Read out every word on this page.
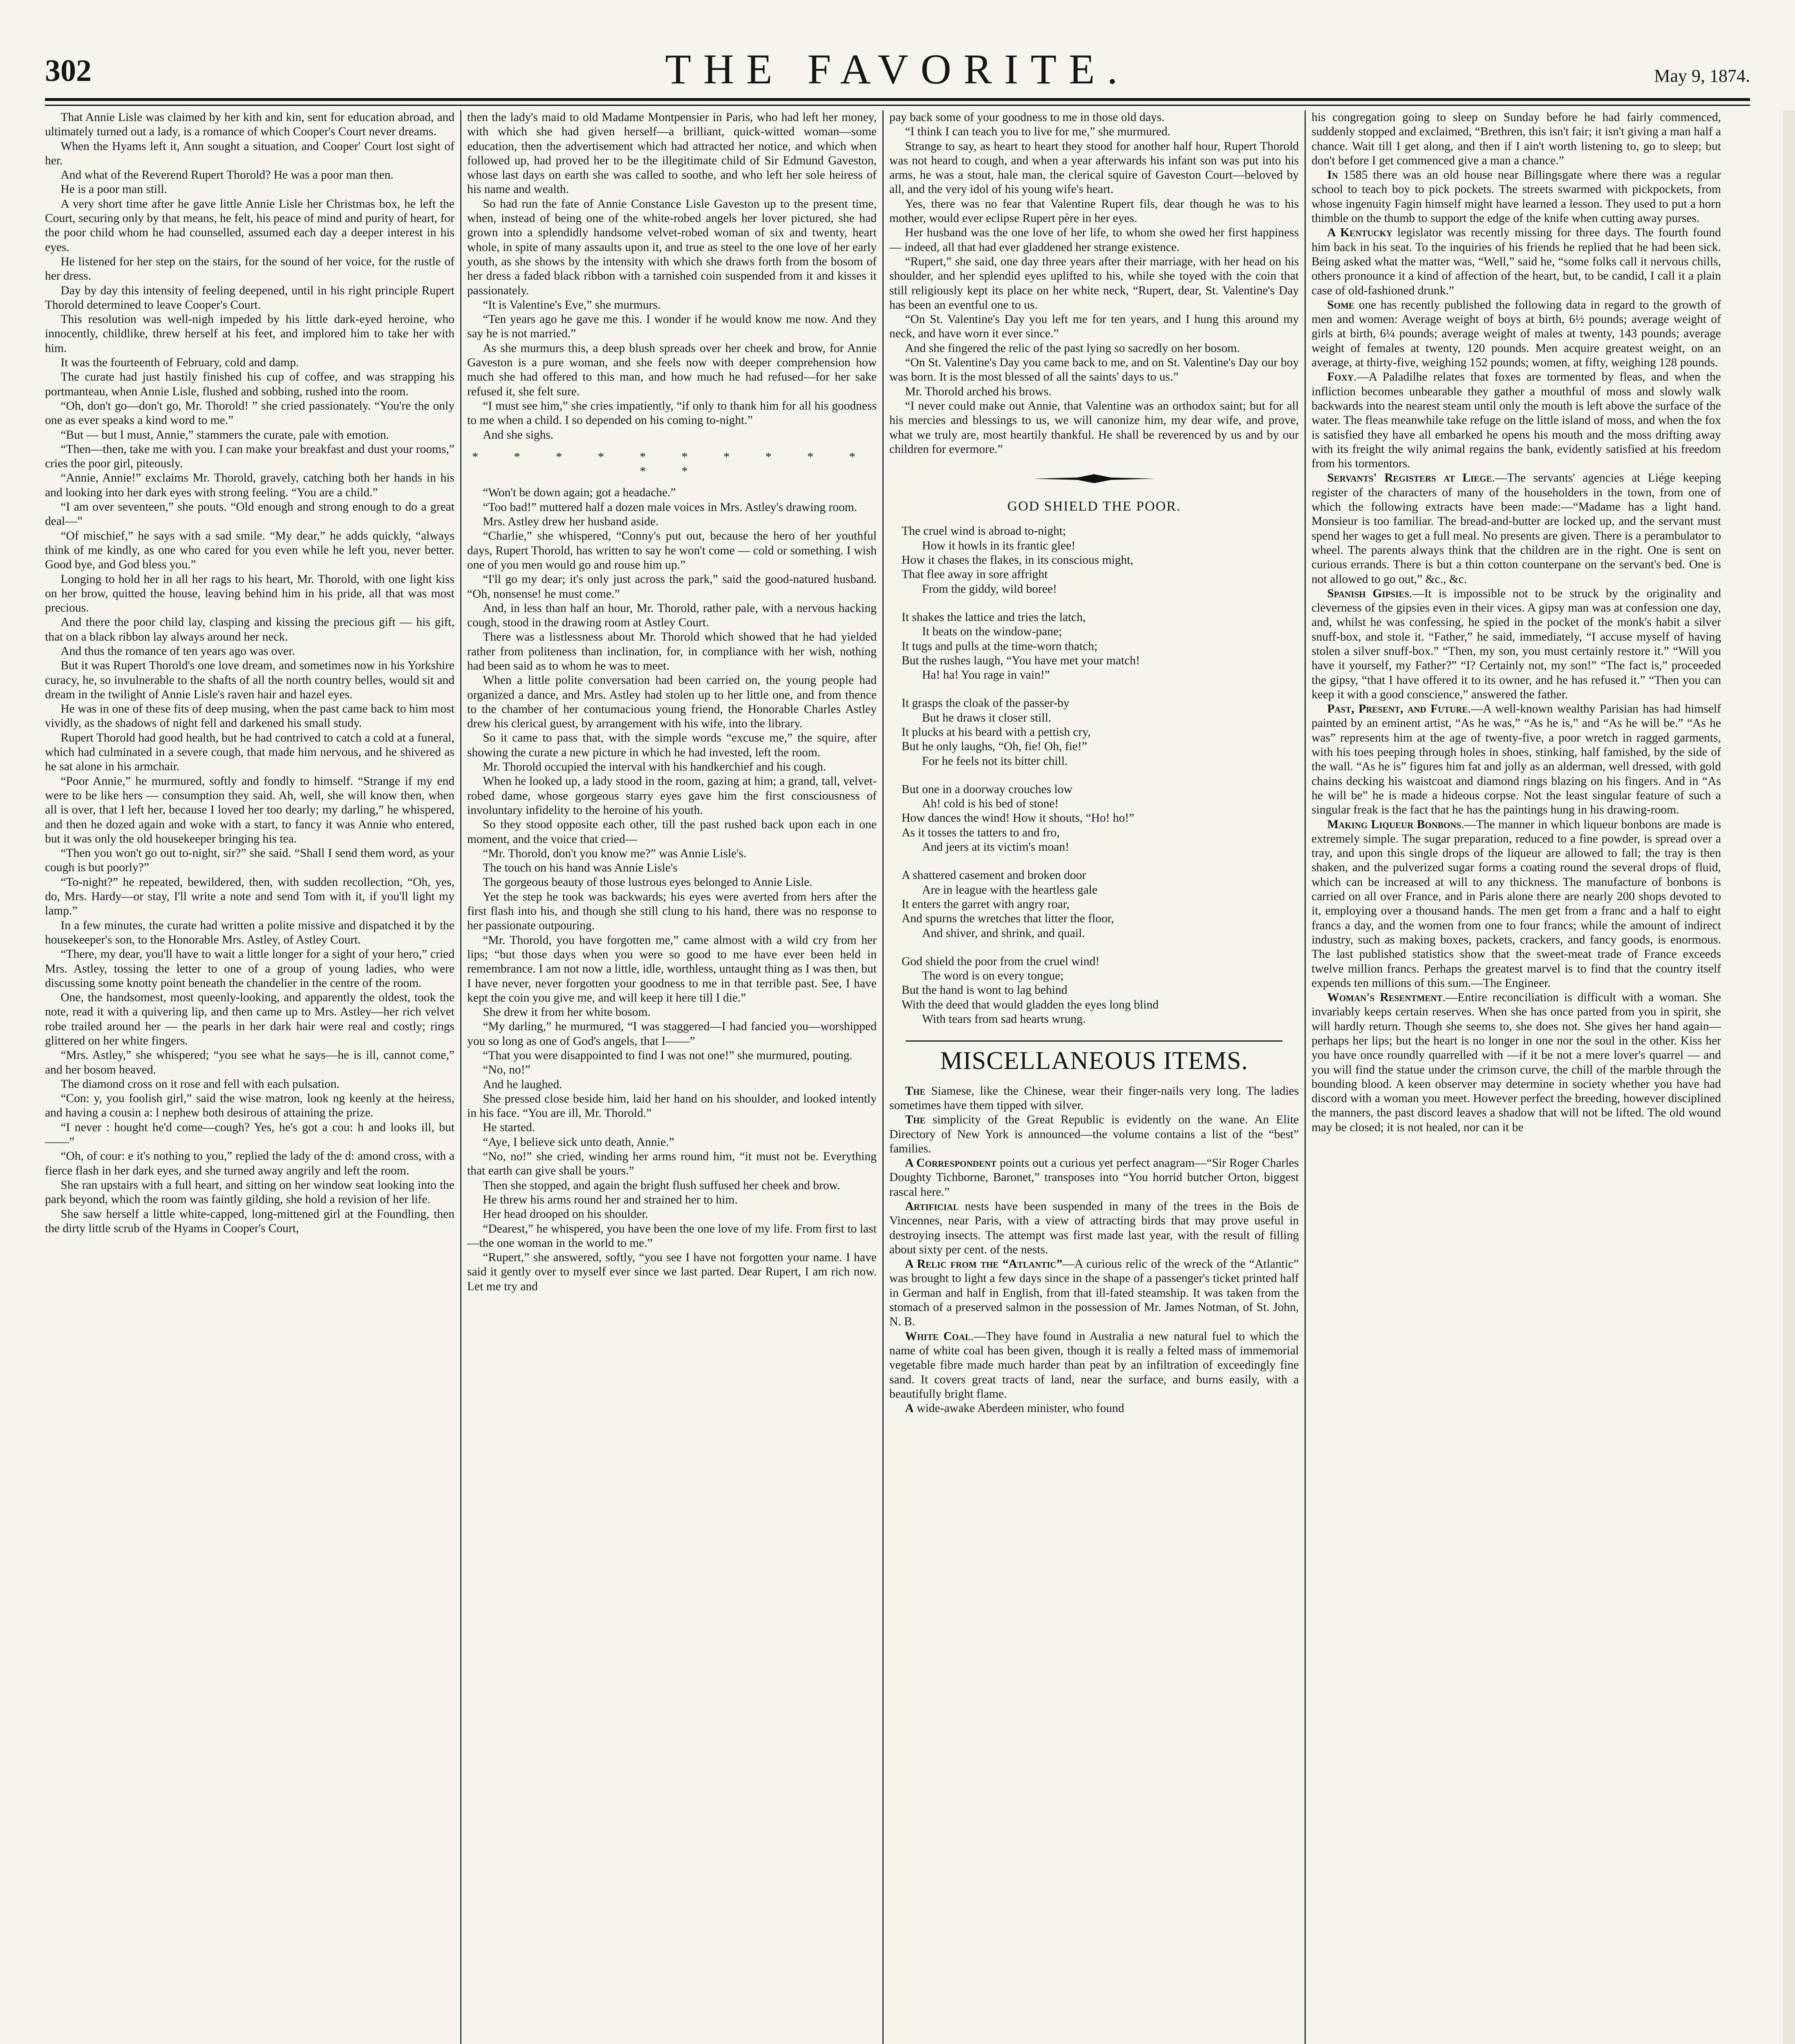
302	THE FAVORITE.	May 9, 1874.

That Annie Lisle was claimed by her kith and kin, sent for education abroad, and ultimately turned out a lady, is a romance of which Cooper's Court never dreams.

When the Hyams left it, Ann sought a situation, and Cooper' Court lost sight of her.

And what of the Reverend Rupert Thorold? He was a poor man then.

He is a poor man still.

A very short time after he gave little Annie Lisle her Christmas box, he left the Court, securing only by that means, he felt, his peace of mind and purity of heart, for the poor child whom he had counselled, assumed each day a deeper interest in his eyes.

He listened for her step on the stairs, for the sound of her voice, for the rustle of her dress.

Day by day this intensity of feeling deepened, until in his right principle Rupert Thorold determined to leave Cooper's Court.

This resolution was well-nigh impeded by his little dark-eyed heroine, who innocently, childlike, threw herself at his feet, and implored him to take her with him.

It was the fourteenth of February, cold and damp.

The curate had just hastily finished his cup of coffee, and was strapping his portmanteau, when Annie Lisle, flushed and sobbing, rushed into the room.

“Oh, don't go—don't go, Mr. Thorold! ” she cried passionately. “You're the only one as ever speaks a kind word to me.”

“But — but I must, Annie,” stammers the curate, pale with emotion.

“Then—then, take me with you. I can make your breakfast and dust your rooms,” cries the poor girl, piteously.

“Annie, Annie!” exclaims Mr. Thorold, gravely, catching both her hands in his and looking into her dark eyes with strong feeling. “You are a child.”

“I am over seventeen,” she pouts. “Old enough and strong enough to do a great deal—”

“Of mischief,” he says with a sad smile. “My dear,” he adds quickly, “always think of me kindly, as one who cared for you even while he left you, never better. Good bye, and God bless you.”

Longing to hold her in all her rags to his heart, Mr. Thorold, with one light kiss on her brow, quitted the house, leaving behind him in his pride, all that was most precious.

And there the poor child lay, clasping and kissing the precious gift — his gift, that on a black ribbon lay always around her neck.

And thus the romance of ten years ago was over.

But it was Rupert Thorold's one love dream, and sometimes now in his Yorkshire curacy, he, so invulnerable to the shafts of all the north country belles, would sit and dream in the twilight of Annie Lisle's raven hair and hazel eyes.

He was in one of these fits of deep musing, when the past came back to him most vividly, as the shadows of night fell and darkened his small study.

Rupert Thorold had good health, but he had contrived to catch a cold at a funeral, which had culminated in a severe cough, that made him nervous, and he shivered as he sat alone in his armchair.

“Poor Annie,” he murmured, softly and fondly to himself. “Strange if my end were to be like hers — consumption they said. Ah, well, she will know then, when all is over, that I left her, because I loved her too dearly; my darling,” he whispered, and then he dozed again and woke with a start, to fancy it was Annie who entered, but it was only the old housekeeper bringing his tea.

“Then you won't go out to-night, sir?” she said. “Shall I send them word, as your cough is but poorly?”

“To-night?” he repeated, bewildered, then, with sudden recollection, “Oh, yes, do, Mrs. Hardy—or stay, I'll write a note and send Tom with it, if you'll light my lamp.”

In a few minutes, the curate had written a polite missive and dispatched it by the housekeeper's son, to the Honorable Mrs. Astley, of Astley Court.

“There, my dear, you'll have to wait a little longer for a sight of your hero,” cried Mrs. Astley, tossing the letter to one of a group of young ladies, who were discussing some knotty point beneath the chandelier in the centre of the room.

One, the handsomest, most queenly-looking, and apparently the oldest, took the note, read it with a quivering lip, and then came up to Mrs. Astley—her rich velvet robe trailed around her — the pearls in her dark hair were real and costly; rings glittered on her white fingers.

“Mrs. Astley,” she whispered; “you see what he says—he is ill, cannot come,” and her bosom heaved.

The diamond cross on it rose and fell with each pulsation.

“Con: y, you foolish girl,” said the wise matron, look ng keenly at the heiress, and having a cousin a: l nephew both desirous of attaining the prize.

“I never : hought he'd come—cough? Yes, he's got a cou: h and looks ill, but——”

“Oh, of cour: e it's nothing to you,” replied the lady of the d: amond cross, with a fierce flash in her dark eyes, and she turned away angrily and left the room.

She ran upstairs with a full heart, and sitting on her window seat looking into the park beyond, which the room was faintly gilding, she hold a revision of her life.

She saw herself a little white-capped, long-mittened girl at the Foundling, then the dirty little scrub of the Hyams in Cooper's Court,

then the lady's maid to old Madame Montpensier in Paris, who had left her money, with which she had given herself—a brilliant, quick-witted woman—some education, then the advertisement which had attracted her notice, and which when followed up, had proved her to be the illegitimate child of Sir Edmund Gaveston, whose last days on earth she was called to soothe, and who left her sole heiress of his name and wealth.

So had run the fate of Annie Constance Lisle Gaveston up to the present time, when, instead of being one of the white-robed angels her lover pictured, she had grown into a splendidly handsome velvet-robed woman of six and twenty, heart whole, in spite of many assaults upon it, and true as steel to the one love of her early youth, as she shows by the intensity with which she draws forth from the bosom of her dress a faded black ribbon with a tarnished coin suspended from it and kisses it passionately.

“It is Valentine's Eve,” she murmurs.

“Ten years ago he gave me this. I wonder if he would know me now. And they say he is not married.”

As she murmurs this, a deep blush spreads over her cheek and brow, for Annie Gaveston is a pure woman, and she feels now with deeper comprehension how much she had offered to this man, and how much he had refused—for her sake refused it, she felt sure.

“I must see him,” she cries impatiently, “if only to thank him for all his goodness to me when a child. I so depended on his coming to-night.”

And she sighs.

* * * * * * * * * * * *

“Won't be down again; got a headache.”

“Too bad!” muttered half a dozen male voices in Mrs. Astley's drawing room.

Mrs. Astley drew her husband aside.

“Charlie,” she whispered, “Conny's put out, because the hero of her youthful days, Rupert Thorold, has written to say he won't come — cold or something. I wish one of you men would go and rouse him up.”

“I'll go my dear; it's only just across the park,” said the good-natured husband. “Oh, nonsense! he must come.”

And, in less than half an hour, Mr. Thorold, rather pale, with a nervous hacking cough, stood in the drawing room at Astley Court.

There was a listlessness about Mr. Thorold which showed that he had yielded rather from politeness than inclination, for, in compliance with her wish, nothing had been said as to whom he was to meet.

When a little polite conversation had been carried on, the young people had organized a dance, and Mrs. Astley had stolen up to her little one, and from thence to the chamber of her contumacious young friend, the Honorable Charles Astley drew his clerical guest, by arrangement with his wife, into the library.

So it came to pass that, with the simple words “excuse me,” the squire, after showing the curate a new picture in which he had invested, left the room.

Mr. Thorold occupied the interval with his handkerchief and his cough.

When he looked up, a lady stood in the room, gazing at him; a grand, tall, velvet-robed dame, whose gorgeous starry eyes gave him the first consciousness of involuntary infidelity to the heroine of his youth.

So they stood opposite each other, till the past rushed back upon each in one moment, and the voice that cried—

“Mr. Thorold, don't you know me?” was Annie Lisle's.

The touch on his hand was Annie Lisle's

The gorgeous beauty of those lustrous eyes belonged to Annie Lisle.

Yet the step he took was backwards; his eyes were averted from hers after the first flash into his, and though she still clung to his hand, there was no response to her passionate outpouring.

“Mr. Thorold, you have forgotten me,” came almost with a wild cry from her lips; “but those days when you were so good to me have ever been held in remembrance. I am not now a little, idle, worthless, untaught thing as I was then, but I have never, never forgotten your goodness to me in that terrible past. See, I have kept the coin you give me, and will keep it here till I die.”

She drew it from her white bosom.

“My darling,” he murmured, “I was staggered—I had fancied you—worshipped you so long as one of God's angels, that I——”

“That you were disappointed to find I was not one!” she murmured, pouting.

“No, no!”

And he laughed.

She pressed close beside him, laid her hand on his shoulder, and looked intently in his face. “You are ill, Mr. Thorold.”

He started.

“Aye, I believe sick unto death, Annie.”

“No, no!” she cried, winding her arms round him, “it must not be. Everything that earth can give shall be yours.”

Then she stopped, and again the bright flush suffused her cheek and brow.

He threw his arms round her and strained her to him.

Her head drooped on his shoulder.

“Dearest,” he whispered, you have been the one love of my life. From first to last—the one woman in the world to me.”

“Rupert,” she answered, softly, “you see I have not forgotten your name. I have said it gently over to myself ever since we last parted. Dear Rupert, I am rich now. Let me try and

pay back some of your goodness to me in those old days.

“I think I can teach you to live for me,” she murmured.

Strange to say, as heart to heart they stood for another half hour, Rupert Thorold was not heard to cough, and when a year afterwards his infant son was put into his arms, he was a stout, hale man, the clerical squire of Gaveston Court—beloved by all, and the very idol of his young wife's heart.

Yes, there was no fear that Valentine Rupert fils, dear though he was to his mother, would ever eclipse Rupert père in her eyes.

Her husband was the one love of her life, to whom she owed her first happiness — indeed, all that had ever gladdened her strange existence.

“Rupert,” she said, one day three years after their marriage, with her head on his shoulder, and her splendid eyes uplifted to his, while she toyed with the coin that still religiously kept its place on her white neck, “Rupert, dear, St. Valentine's Day has been an eventful one to us.

“On St. Valentine's Day you left me for ten years, and I hung this around my neck, and have worn it ever since.”

And she fingered the relic of the past lying so sacredly on her bosom.

“On St. Valentine's Day you came back to me, and on St. Valentine's Day our boy was born. It is the most blessed of all the saints' days to us.”

Mr. Thorold arched his brows.

“I never could make out Annie, that Valentine was an orthodox saint; but for all his mercies and blessings to us, we will canonize him, my dear wife, and prove, what we truly are, most heartily thankful. He shall be reverenced by us and by our children for evermore.”

GOD SHIELD THE POOR.
The cruel wind is abroad to-night;
How it howls in its frantic glee!
How it chases the flakes, in its conscious might,
That flee away in sore affright
From the giddy, wild boree!
It shakes the lattice and tries the latch,
It beats on the window-pane;
It tugs and pulls at the time-worn thatch;
But the rushes laugh, “You have met your match!
Ha! ha! You rage in vain!”
It grasps the cloak of the passer-by
But he draws it closer still.
It plucks at his beard with a pettish cry,
But he only laughs, “Oh, fie! Oh, fie!”
For he feels not its bitter chill.
But one in a doorway crouches low
Ah! cold is his bed of stone!
How dances the wind! How it shouts, “Ho! ho!”
As it tosses the tatters to and fro,
And jeers at its victim's moan!
A shattered casement and broken door
Are in league with the heartless gale
It enters the garret with angry roar,
And spurns the wretches that litter the floor,
And shiver, and shrink, and quail.
God shield the poor from the cruel wind!
The word is on every tongue;
But the hand is wont to lag behind
With the deed that would gladden the eyes long blind
With tears from sad hearts wrung.
MISCELLANEOUS ITEMS.

The Siamese, like the Chinese, wear their finger-nails very long. The ladies sometimes have them tipped with silver.

The simplicity of the Great Republic is evidently on the wane. An Elite Directory of New York is announced—the volume contains a list of the “best” families.

A Correspondent points out a curious yet perfect anagram—“Sir Roger Charles Doughty Tichborne, Baronet,” transposes into “You horrid butcher Orton, biggest rascal here.”

Artificial nests have been suspended in many of the trees in the Bois de Vincennes, near Paris, with a view of attracting birds that may prove useful in destroying insects. The attempt was first made last year, with the result of filling about sixty per cent. of the nests.

A Relic from the “Atlantic”—A curious relic of the wreck of the “Atlantic” was brought to light a few days since in the shape of a passenger's ticket printed half in German and half in English, from that ill-fated steamship. It was taken from the stomach of a preserved salmon in the possession of Mr. James Notman, of St. John, N. B.

White Coal.—They have found in Australia a new natural fuel to which the name of white coal has been given, though it is really a felted mass of immemorial vegetable fibre made much harder than peat by an infiltration of exceedingly fine sand. It covers great tracts of land, near the surface, and burns easily, with a beautifully bright flame.

A wide-awake Aberdeen minister, who found

his congregation going to sleep on Sunday before he had fairly commenced, suddenly stopped and exclaimed, “Brethren, this isn't fair; it isn't giving a man half a chance. Wait till I get along, and then if I ain't worth listening to, go to sleep; but don't before I get commenced give a man a chance.”

In 1585 there was an old house near Billingsgate where there was a regular school to teach boy to pick pockets. The streets swarmed with pickpockets, from whose ingenuity Fagin himself might have learned a lesson. They used to put a horn thimble on the thumb to support the edge of the knife when cutting away purses.

A Kentucky legislator was recently missing for three days. The fourth found him back in his seat. To the inquiries of his friends he replied that he had been sick. Being asked what the matter was, “Well,” said he, “some folks call it nervous chills, others pronounce it a kind of affection of the heart, but, to be candid, I call it a plain case of old-fashioned drunk.”

Some one has recently published the following data in regard to the growth of men and women: Average weight of boys at birth, 6½ pounds; average weight of girls at birth, 6¼ pounds; average weight of males at twenty, 143 pounds; average weight of females at twenty, 120 pounds. Men acquire greatest weight, on an average, at thirty-five, weighing 152 pounds; women, at fifty, weighing 128 pounds.

Foxy.—A Paladilhe relates that foxes are tormented by fleas, and when the infliction becomes unbearable they gather a mouthful of moss and slowly walk backwards into the nearest steam until only the mouth is left above the surface of the water. The fleas meanwhile take refuge on the little island of moss, and when the fox is satisfied they have all embarked he opens his mouth and the moss drifting away with its freight the wily animal regains the bank, evidently satisfied at his freedom from his tormentors.

Servants' Registers at Liege.—The servants' agencies at Liége keeping register of the characters of many of the householders in the town, from one of which the following extracts have been made:—“Madame has a light hand. Monsieur is too familiar. The bread-and-butter are locked up, and the servant must spend her wages to get a full meal. No presents are given. There is a perambulator to wheel. The parents always think that the children are in the right. One is sent on curious errands. There is but a thin cotton counterpane on the servant's bed. One is not allowed to go out,” &c., &c.

Spanish Gipsies.—It is impossible not to be struck by the originality and cleverness of the gipsies even in their vices. A gipsy man was at confession one day, and, whilst he was confessing, he spied in the pocket of the monk's habit a silver snuff-box, and stole it. “Father,” he said, immediately, “I accuse myself of having stolen a silver snuff-box.” “Then, my son, you must certainly restore it.” “Will you have it yourself, my Father?” “I? Certainly not, my son!” “The fact is,” proceeded the gipsy, “that I have offered it to its owner, and he has refused it.” “Then you can keep it with a good conscience,” answered the father.

Past, Present, and Future.—A well-known wealthy Parisian has had himself painted by an eminent artist, “As he was,” “As he is,” and “As he will be.” “As he was” represents him at the age of twenty-five, a poor wretch in ragged garments, with his toes peeping through holes in shoes, stinking, half famished, by the side of the wall. “As he is” figures him fat and jolly as an alderman, well dressed, with gold chains decking his waistcoat and diamond rings blazing on his fingers. And in “As he will be” he is made a hideous corpse. Not the least singular feature of such a singular freak is the fact that he has the paintings hung in his drawing-room.

Making Liqueur Bonbons.—The manner in which liqueur bonbons are made is extremely simple. The sugar preparation, reduced to a fine powder, is spread over a tray, and upon this single drops of the liqueur are allowed to fall; the tray is then shaken, and the pulverized sugar forms a coating round the several drops of fluid, which can be increased at will to any thickness. The manufacture of bonbons is carried on all over France, and in Paris alone there are nearly 200 shops devoted to it, employing over a thousand hands. The men get from a franc and a half to eight francs a day, and the women from one to four francs; while the amount of indirect industry, such as making boxes, packets, crackers, and fancy goods, is enormous. The last published statistics show that the sweet-meat trade of France exceeds twelve million francs. Perhaps the greatest marvel is to find that the country itself expends ten millions of this sum.—The Engineer.

Woman's Resentment.—Entire reconciliation is difficult with a woman. She invariably keeps certain reserves. When she has once parted from you in spirit, she will hardly return. Though she seems to, she does not. She gives her hand again—perhaps her lips; but the heart is no longer in one nor the soul in the other. Kiss her you have once roundly quarrelled with —if it be not a mere lover's quarrel — and you will find the statue under the crimson curve, the chill of the marble through the bounding blood. A keen observer may determine in society whether you have had discord with a woman you meet. However perfect the breeding, however disciplined the manners, the past discord leaves a shadow that will not be lifted. The old wound may be closed; it is not healed, nor can it be
